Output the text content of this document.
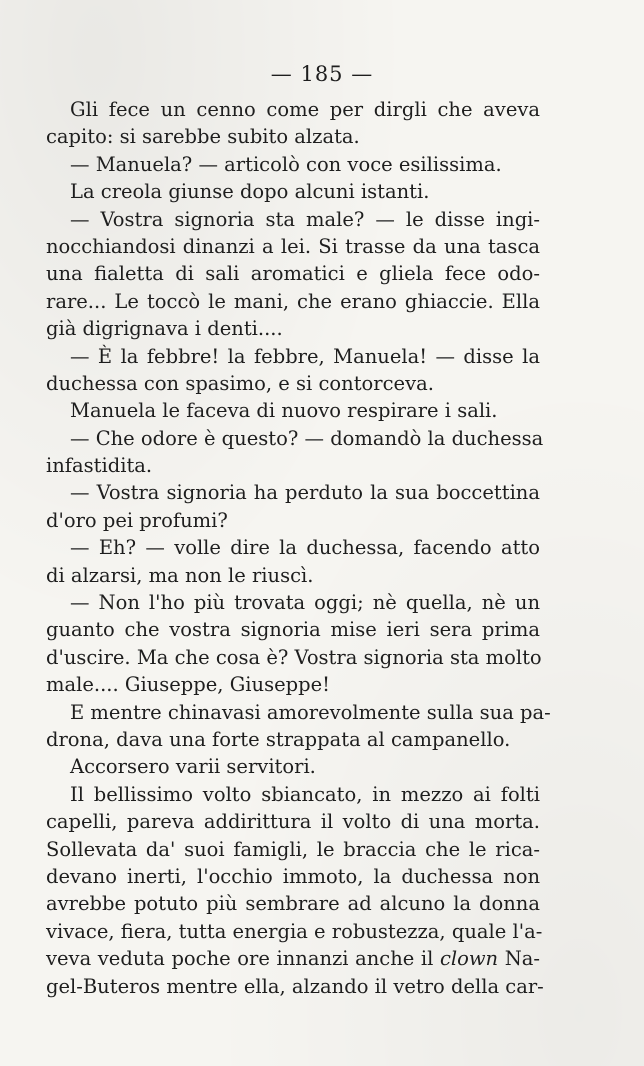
— 185 —
Gli fece un cenno come per dirgli che aveva
capito: si sarebbe subito alzata.
— Manuela? — articolò con voce esilissima.
La creola giunse dopo alcuni istanti.
— Vostra signoria sta male? — le disse ingi-
nocchiandosi dinanzi a lei. Si trasse da una tasca
una fialetta di sali aromatici e gliela fece odo-
rare... Le toccò le mani, che erano ghiaccie. Ella
già digrignava i denti....
— È la febbre! la febbre, Manuela! — disse la
duchessa con spasimo, e si contorceva.
Manuela le faceva di nuovo respirare i sali.
— Che odore è questo? — domandò la duchessa
infastidita.
— Vostra signoria ha perduto la sua boccettina
d'oro pei profumi?
— Eh? — volle dire la duchessa, facendo atto
di alzarsi, ma non le riuscì.
— Non l'ho più trovata oggi; nè quella, nè un
guanto che vostra signoria mise ieri sera prima
d'uscire. Ma che cosa è? Vostra signoria sta molto
male.... Giuseppe, Giuseppe!
E mentre chinavasi amorevolmente sulla sua pa-
drona, dava una forte strappata al campanello.
Accorsero varii servitori.
Il bellissimo volto sbiancato, in mezzo ai folti
capelli, pareva addirittura il volto di una morta.
Sollevata da' suoi famigli, le braccia che le rica-
devano inerti, l'occhio immoto, la duchessa non
avrebbe potuto più sembrare ad alcuno la donna
vivace, fiera, tutta energia e robustezza, quale l'a-
veva veduta poche ore innanzi anche il clown Na-
gel-Buteros mentre ella, alzando il vetro della car-
